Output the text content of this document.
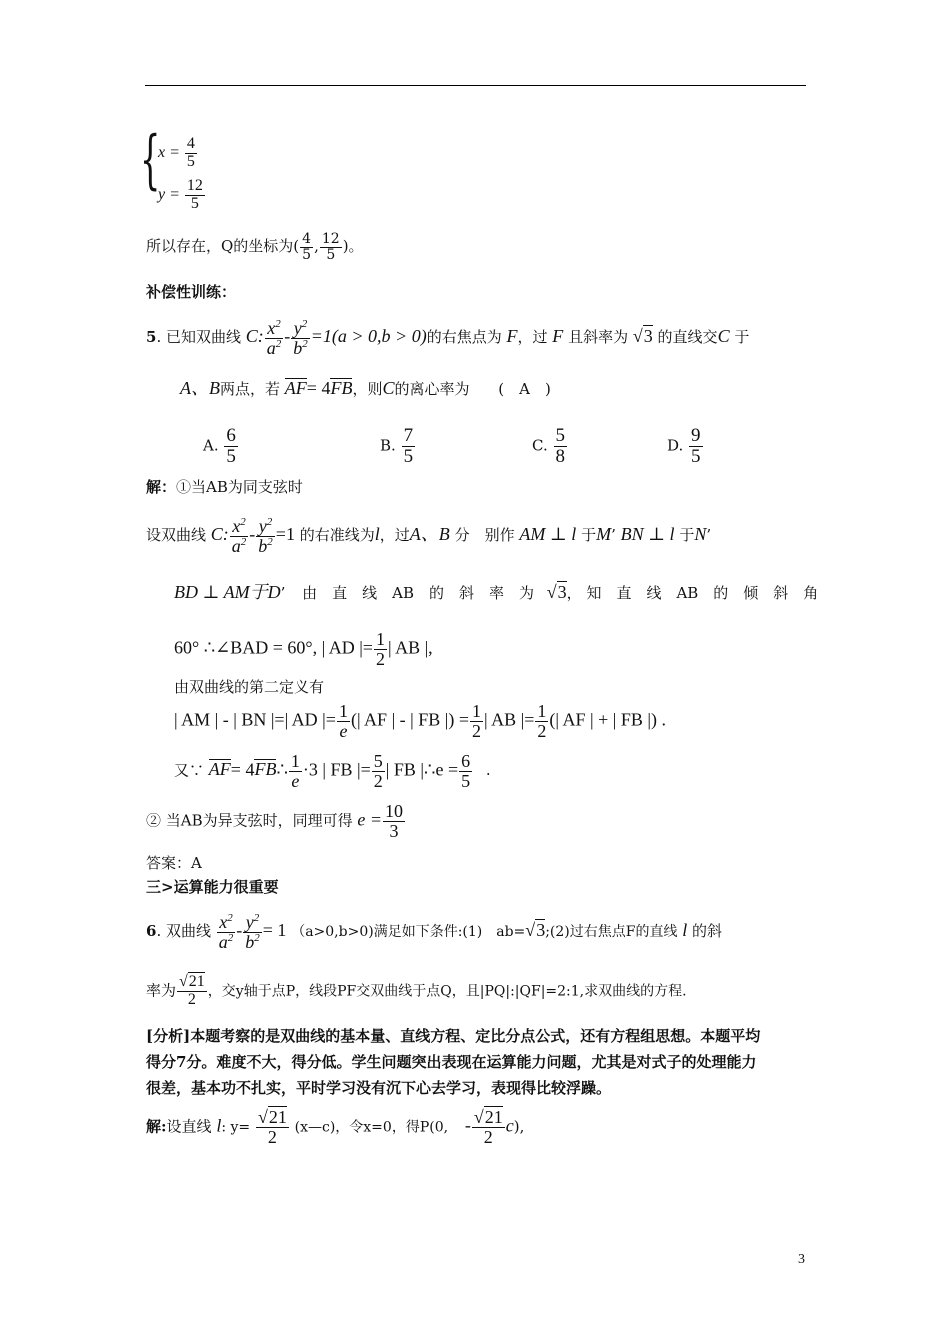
{
$x = \frac{4}{5}$
$y = \frac{12}{5}$
所以存在，Q的坐标为( $\frac{4}{5}$ , $\frac{12}{5}$ )。
补偿性训练：
5. 已知双曲线 C: $\frac{x^2}{a^2} - \frac{y^2}{b^2} =1(a > 0,b > 0)$的右焦点为 F，过 F 且斜率为 √3 的直线交C 于
A、B两点，若 AF= 4FB，则C的离心率为 (　A　)
A. $\frac{6}{5}$	B. $\frac{7}{5}$	C. $\frac{5}{8}$	D. $\frac{9}{5}$
解：①当AB为同支弦时
设双曲线 C: $\frac{x^2}{a^2} - \frac{y^2}{b^2} =1$ 的右准线为l，过A、B 分　别作 AM ⊥ l 于M’ BN ⊥ l 于N’
BD ⊥ AM于D’ 由　直　线　AB　的　斜　率　为 √3， 知　直　线　AB　的　倾　斜　角
60° ∴∠BAD = 60°, | AD |= $\frac{1}{2}$ | AB |,
由双曲线的第二定义有
| AM | - | BN |=| AD |= $\frac{1}{e}$ (| AF | - | FB |) = $\frac{1}{2}$ | AB |= $\frac{1}{2}$ (| AF | + | FB |) .
又∵ AF= 4FB∴ $\frac{1}{e} \cdot 3$ | FB |= $\frac{5}{2}$ | FB |∴e = $\frac{6}{5}$ .
② 当AB为异支弦时，同理可得 $e = \frac{10}{3}$
答案：A
三>运算能力很重要
6. 双曲线 $\frac{x^2}{a^2} - \frac{y^2}{b^2} = 1$ （a>0,b>0)满足如下条件:(1)　ab=√3;(2)过右焦点F的直线 l 的斜
率为 $\frac{√21}{2}$ ，交y轴于点P，线段PF交双曲线于点Q，且|PQ|:|QF|=2:1,求双曲线的方程.
[分析]本题考察的是双曲线的基本量、直线方程、定比分点公式，还有方程组思想。本题平均
得分7分。难度不大，得分低。学生问题突出表现在运算能力问题，尤其是对式子的处理能力
很差，基本功不扎实，平时学习没有沉下心去学习，表现得比较浮躁。
解:设直线 l: $y= \frac{√21}{2}$ (x—c)，令x=0，得P(0, - $\frac{√21}{2} c$),
3
